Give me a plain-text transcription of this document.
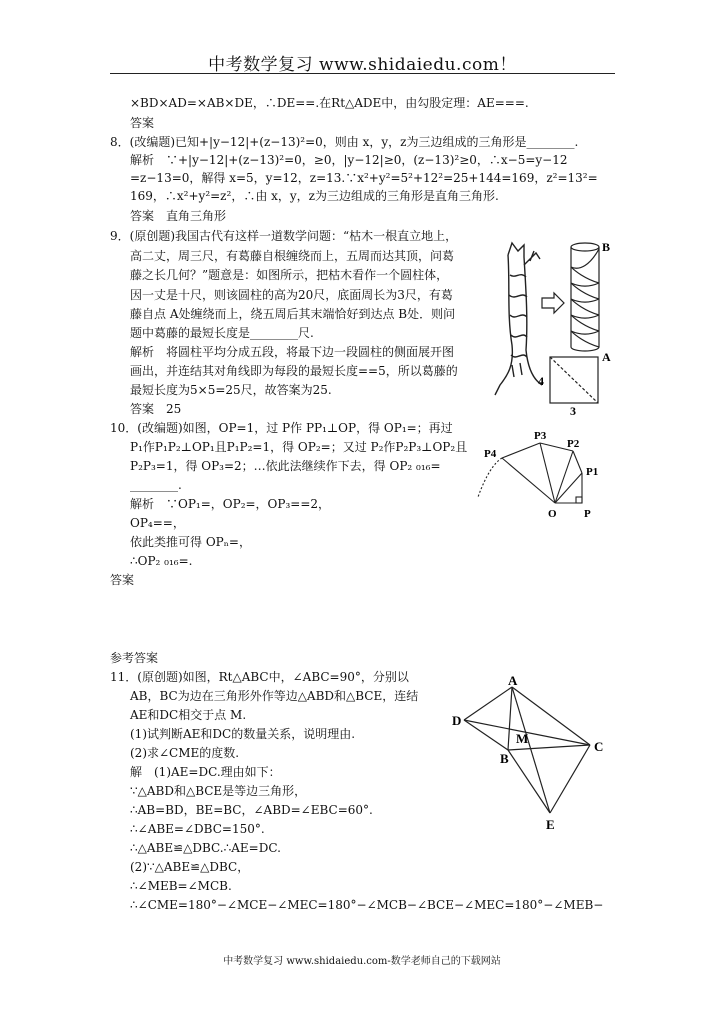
中考数学复习 www.shidaiedu.com！
×BD×AD=×AB×DE，∴DE==.在Rt△ADE中，由勾股定理：AE===.
答案
8．(改编题)已知+|y−12|+(z−13)²=0，则由 x，y，z为三边组成的三角形是________.
解析　∵+|y−12|+(z−13)²=0，≥0，|y−12|≥0，(z−13)²≥0，∴x−5=y−12
=z−13=0，解得 x=5，y=12，z=13.∵x²+y²=5²+12²=25+144=169，z²=13²=
169，∴x²+y²=z²，∴由 x，y，z为三边组成的三角形是直角三角形.
答案　直角三角形
9．(原创题)我国古代有这样一道数学问题：“枯木一根直立地上，
高二丈，周三尺，有葛藤自根缠绕而上，五周而达其顶，问葛
藤之长几何？”题意是：如图所示，把枯木看作一个圆柱体，
因一丈是十尺，则该圆柱的高为20尺，底面周长为3尺，有葛
藤自点 A处缠绕而上，绕五周后其末端恰好到达点 B处．则问
题中葛藤的最短长度是________尺.
解析　将圆柱平均分成五段，将最下边一段圆柱的侧面展开图
画出，并连结其对角线即为每段的最短长度==5，所以葛藤的
最短长度为5×5=25尺，故答案为25.
答案　25
10．(改编题)如图，OP=1，过 P作 PP₁⊥OP，得 OP₁=；再过
P₁作P₁P₂⊥OP₁且P₁P₂=1，得 OP₂=；又过 P₂作P₂P₃⊥OP₂且
P₂P₃=1，得 OP₃=2；…依此法继续作下去，得 OP₂ ₀₁₆=
________.
解析　∵OP₁=，OP₂=，OP₃==2，
OP₄==，
依此类推可得 OPₙ=，
∴OP₂ ₀₁₆=.
答案
参考答案
11．(原创题)如图，Rt△ABC中，∠ABC=90°，分别以
AB，BC为边在三角形外作等边△ABD和△BCE，连结
AE和DC相交于点 M.
(1)试判断AE和DC的数量关系，说明理由.
(2)求∠CME的度数.
解　(1)AE=DC.理由如下：
∵△ABD和△BCE是等边三角形，
∴AB=BD，BE=BC，∠ABD=∠EBC=60°.
∴∠ABE=∠DBC=150°.
∴△ABE≌△DBC.∴AE=DC.
(2)∵△ABE≌△DBC，
∴∠MEB=∠MCB.
∴∠CME=180°−∠MCE−∠MEC=180°−∠MCB−∠BCE−∠MEC=180°−∠MEB−
B
A
4
3
P4
P3
P2
P1
O P
A
D
M
B
C
E
中考数学复习 www.shidaiedu.com-数学老师自己的下载网站
